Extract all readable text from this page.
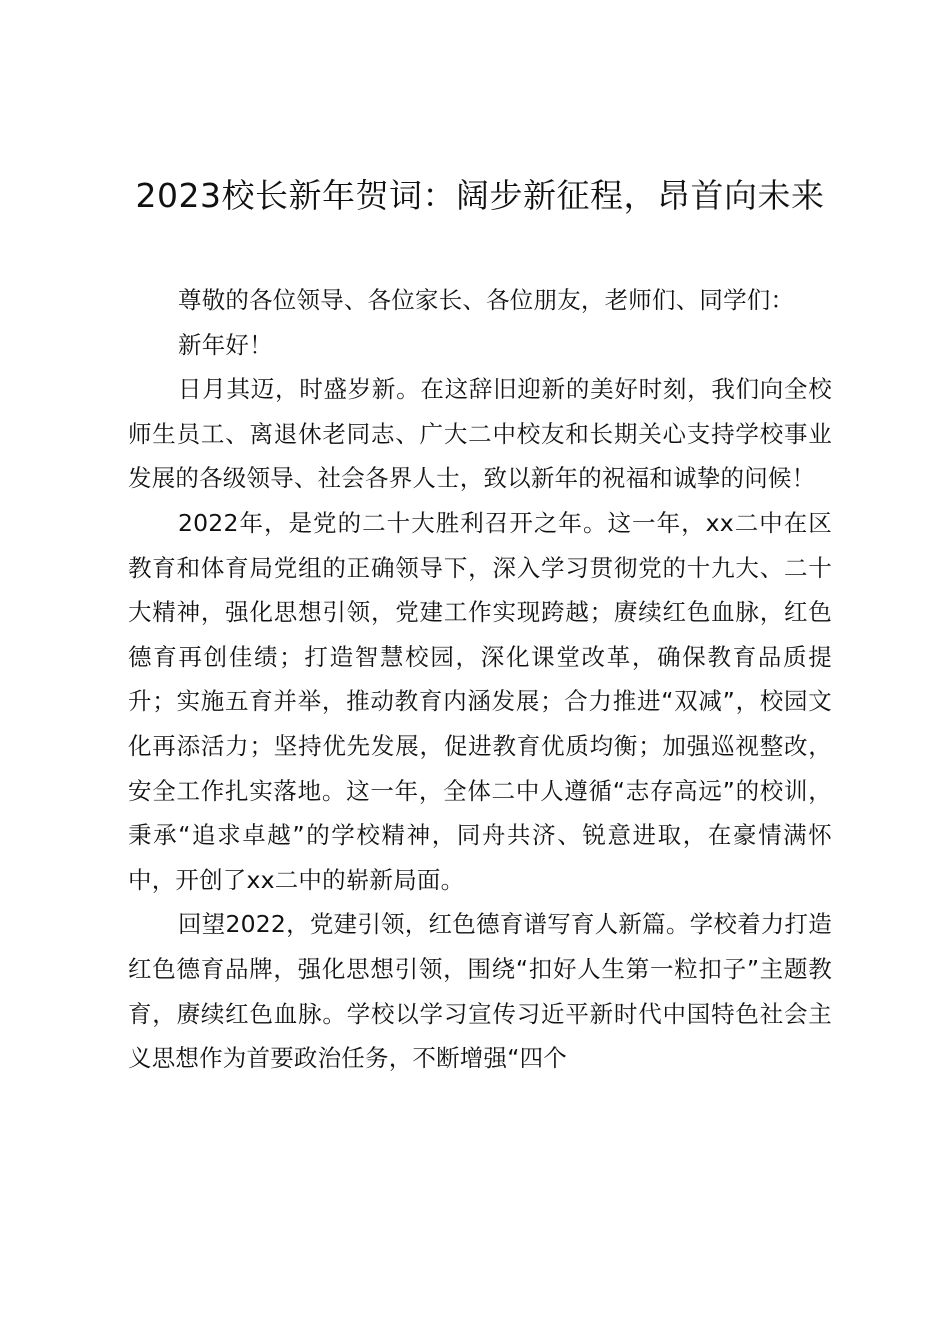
2023校长新年贺词：阔步新征程，昂首向未来

尊敬的各位领导、各位家长、各位朋友，老师们、同学们：

新年好！

日月其迈，时盛岁新。在这辞旧迎新的美好时刻，我们向全校师生员工、离退休老同志、广大二中校友和长期关心支持学校事业发展的各级领导、社会各界人士，致以新年的祝福和诚挚的问候！

2022年，是党的二十大胜利召开之年。这一年，xx二中在区教育和体育局党组的正确领导下，深入学习贯彻党的十九大、二十大精神，强化思想引领，党建工作实现跨越；赓续红色血脉，红色德育再创佳绩；打造智慧校园，深化课堂改革，确保教育品质提升；实施五育并举，推动教育内涵发展；合力推进“双减”，校园文化再添活力；坚持优先发展，促进教育优质均衡；加强巡视整改，安全工作扎实落地。这一年，全体二中人遵循“志存高远”的校训，秉承“追求卓越”的学校精神，同舟共济、锐意进取，在豪情满怀中，开创了xx二中的崭新局面。

回望2022，党建引领，红色德育谱写育人新篇。学校着力打造红色德育品牌，强化思想引领，围绕“扣好人生第一粒扣子”主题教育，赓续红色血脉。学校以学习宣传习近平新时代中国特色社会主义思想作为首要政治任务，不断增强“四个
